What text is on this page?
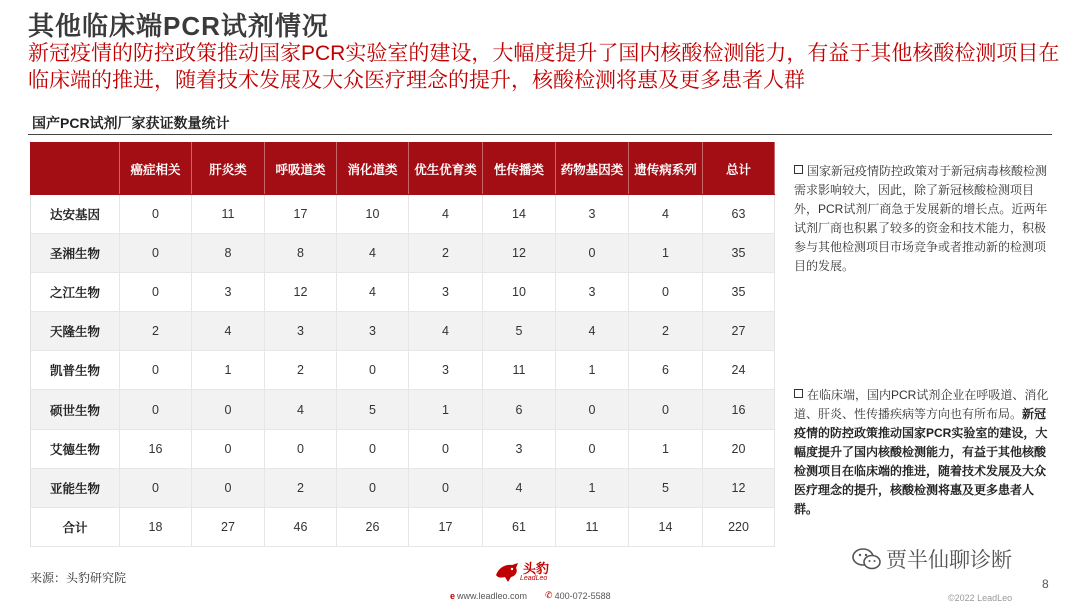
其他临床端PCR试剂情况
新冠疫情的防控政策推动国家PCR实验室的建设，大幅度提升了国内核酸检测能力，有益于其他核酸检测项目在临床端的推进，随着技术发展及大众医疗理念的提升，核酸检测将惠及更多患者人群
国产PCR试剂厂家获证数量统计
	癌症相关	肝炎类	呼吸道类	消化道类	优生优育类	性传播类	药物基因类	遗传病系列	总计
达安基因	0	11	17	10	4	14	3	4	63
圣湘生物	0	8	8	4	2	12	0	1	35
之江生物	0	3	12	4	3	10	3	0	35
天隆生物	2	4	3	3	4	5	4	2	27
凯普生物	0	1	2	0	3	11	1	6	24
硕世生物	0	0	4	5	1	6	0	0	16
艾德生物	16	0	0	0	0	3	0	1	20
亚能生物	0	0	2	0	0	4	1	5	12
合计	18	27	46	26	17	61	11	14	220
国家新冠疫情防控政策对于新冠病毒核酸检测需求影响较大，因此，除了新冠核酸检测项目外，PCR试剂厂商急于发展新的增长点。近两年试剂厂商也积累了较多的资金和技术能力，积极参与其他检测项目市场竞争或者推动新的检测项目的发展。
在临床端，国内PCR试剂企业在呼吸道、消化道、肝炎、性传播疾病等方向也有所布局。新冠疫情的防控政策推动国家PCR实验室的建设，大幅度提升了国内核酸检测能力，有益于其他核酸检测项目在临床端的推进，随着技术发展及大众医疗理念的提升，核酸检测将惠及更多患者人群。
来源：头豹研究院
头豹
LeadLeo
e www.leadleo.com ✆ 400-072-5588
贾半仙聊诊断
8
©2022 LeadLeo
